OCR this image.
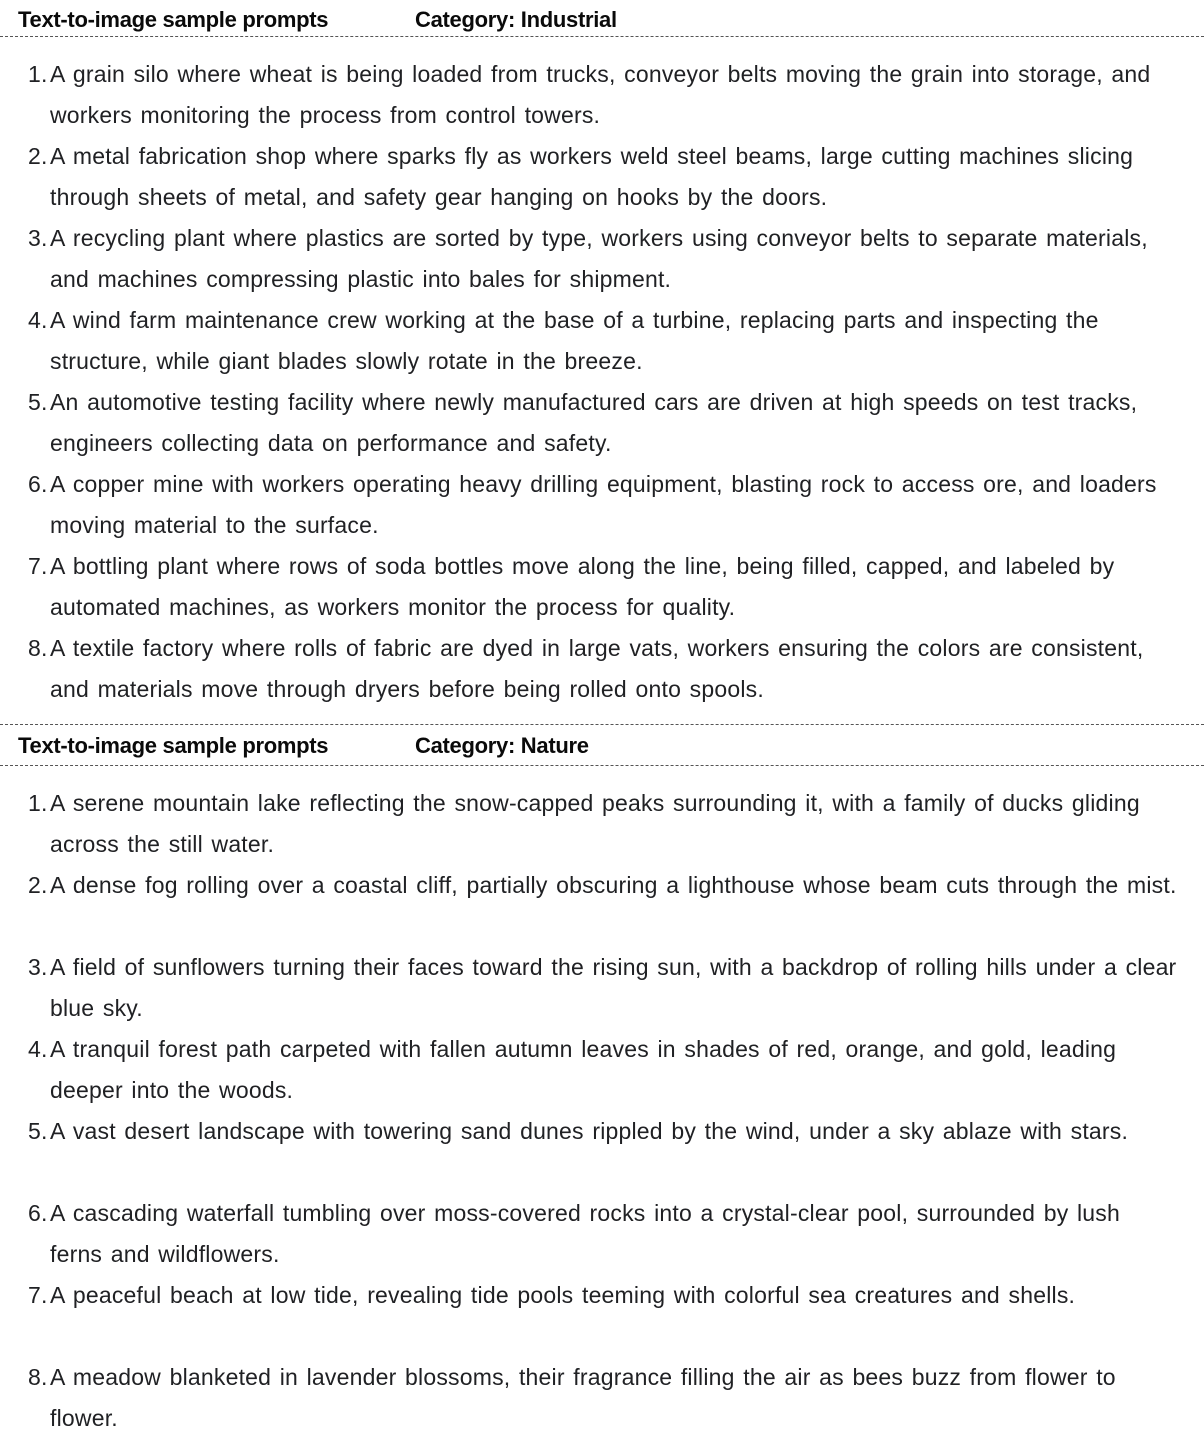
Text-to-image sample prompts	Category: Industrial
1. A grain silo where wheat is being loaded from trucks, conveyor belts moving the grain into storage, and workers monitoring the process from control towers.
2. A metal fabrication shop where sparks fly as workers weld steel beams, large cutting machines slicing through sheets of metal, and safety gear hanging on hooks by the doors.
3. A recycling plant where plastics are sorted by type, workers using conveyor belts to separate materials, and machines compressing plastic into bales for shipment.
4. A wind farm maintenance crew working at the base of a turbine, replacing parts and inspecting the structure, while giant blades slowly rotate in the breeze.
5. An automotive testing facility where newly manufactured cars are driven at high speeds on test tracks, engineers collecting data on performance and safety.
6. A copper mine with workers operating heavy drilling equipment, blasting rock to access ore, and loaders moving material to the surface.
7. A bottling plant where rows of soda bottles move along the line, being filled, capped, and labeled by automated machines, as workers monitor the process for quality.
8. A textile factory where rolls of fabric are dyed in large vats, workers ensuring the colors are consistent, and materials move through dryers before being rolled onto spools.
Text-to-image sample prompts	Category: Nature
1. A serene mountain lake reflecting the snow-capped peaks surrounding it, with a family of ducks gliding across the still water.
2. A dense fog rolling over a coastal cliff, partially obscuring a lighthouse whose beam cuts through the mist.
3. A field of sunflowers turning their faces toward the rising sun, with a backdrop of rolling hills under a clear blue sky.
4. A tranquil forest path carpeted with fallen autumn leaves in shades of red, orange, and gold, leading deeper into the woods.
5. A vast desert landscape with towering sand dunes rippled by the wind, under a sky ablaze with stars.
6. A cascading waterfall tumbling over moss-covered rocks into a crystal-clear pool, surrounded by lush ferns and wildflowers.
7. A peaceful beach at low tide, revealing tide pools teeming with colorful sea creatures and shells.
8. A meadow blanketed in lavender blossoms, their fragrance filling the air as bees buzz from flower to flower.
